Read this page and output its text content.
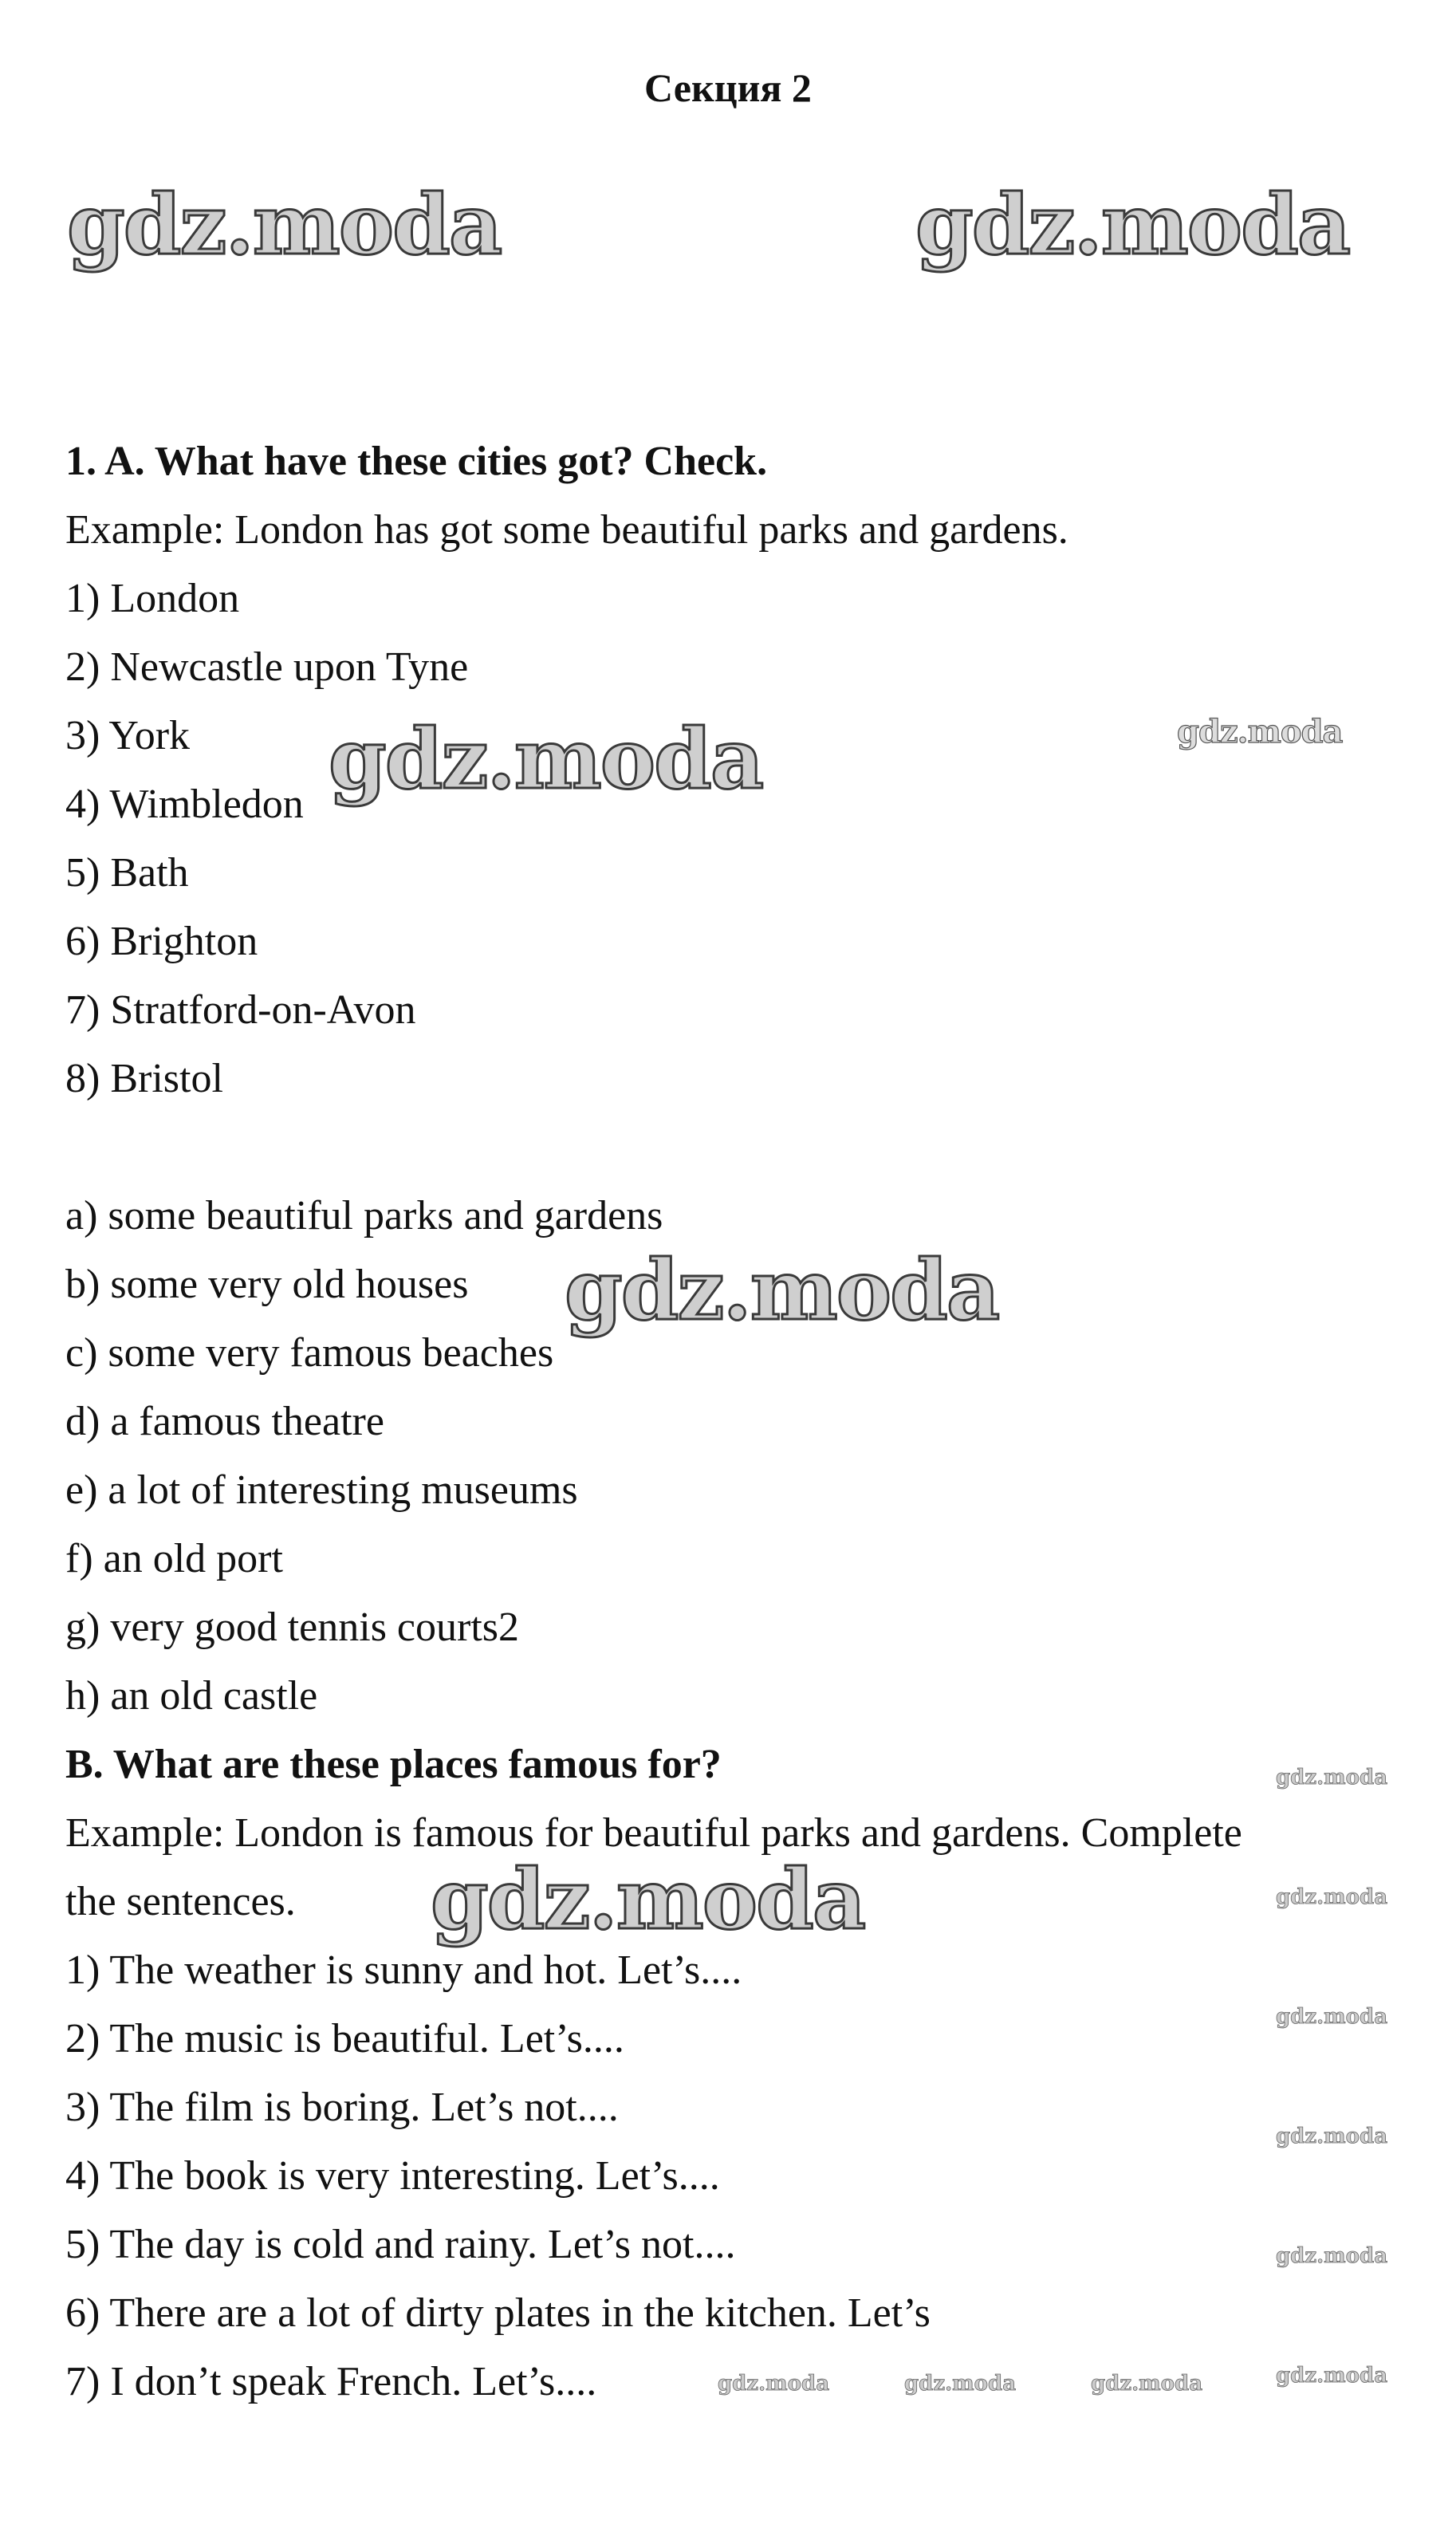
Секция 2
gdz.moda	gdz.moda
gdz.moda	gdz.moda
gdz.moda
gdz.moda
gdz.moda
gdz.moda
gdz.moda
gdz.moda
gdz.moda
gdz.moda
gdz.moda	gdz.moda	gdz.moda
1. A. What have these cities got? Check.
Example: London has got some beautiful parks and gardens.
1) London
2) Newcastle upon Tyne
3) York
4) Wimbledon
5) Bath
6) Brighton
7) Stratford-on-Avon
8) Bristol
a) some beautiful parks and gardens
b) some very old houses
c) some very famous beaches
d) a famous theatre
e) a lot of interesting museums
f) an old port
g) very good tennis courts2
h) an old castle
B. What are these places famous for?
Example: London is famous for beautiful parks and gardens. Complete
the sentences.
1) The weather is sunny and hot. Let’s....
2) The music is beautiful. Let’s....
3) The film is boring. Let’s not....
4) The book is very interesting. Let’s....
5) The day is cold and rainy. Let’s not....
6) There are a lot of dirty plates in the kitchen. Let’s
7) I don’t speak French. Let’s....
